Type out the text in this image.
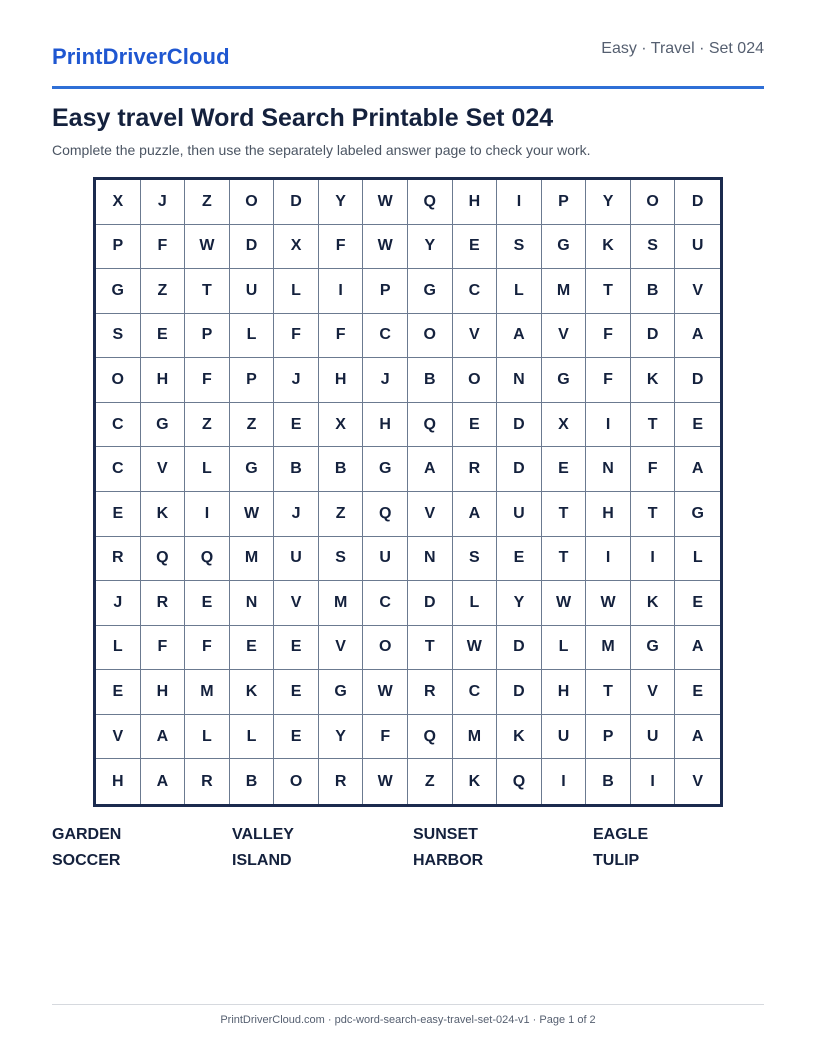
PrintDriverCloud	Easy · Travel · Set 024
Easy travel Word Search Printable Set 024
Complete the puzzle, then use the separately labeled answer page to check your work.
X	J	Z	O	D	Y	W	Q	H	I	P	Y	O	D
P	F	W	D	X	F	W	Y	E	S	G	K	S	U
G	Z	T	U	L	I	P	G	C	L	M	T	B	V
S	E	P	L	F	F	C	O	V	A	V	F	D	A
O	H	F	P	J	H	J	B	O	N	G	F	K	D
C	G	Z	Z	E	X	H	Q	E	D	X	I	T	E
C	V	L	G	B	B	G	A	R	D	E	N	F	A
E	K	I	W	J	Z	Q	V	A	U	T	H	T	G
R	Q	Q	M	U	S	U	N	S	E	T	I	I	L
J	R	E	N	V	M	C	D	L	Y	W	W	K	E
L	F	F	E	E	V	O	T	W	D	L	M	G	A
E	H	M	K	E	G	W	R	C	D	H	T	V	E
V	A	L	L	E	Y	F	Q	M	K	U	P	U	A
H	A	R	B	O	R	W	Z	K	Q	I	B	I	V
GARDEN	VALLEY	SUNSET	EAGLE
SOCCER	ISLAND	HARBOR	TULIP
PrintDriverCloud.com · pdc-word-search-easy-travel-set-024-v1 · Page 1 of 2
